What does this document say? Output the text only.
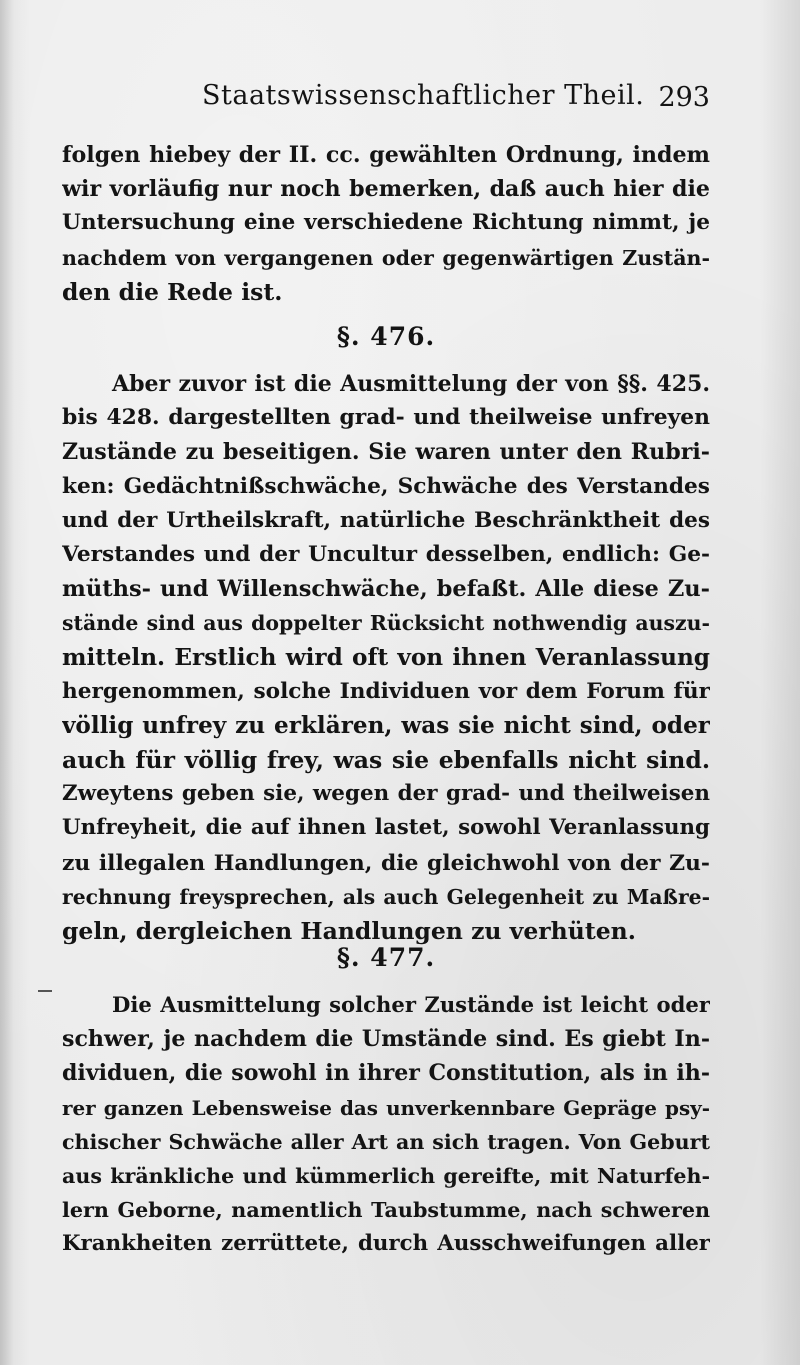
Staatswissenschaftlicher Theil. 293
folgen hiebey der II. cc. gewählten Ordnung, indem
wir vorläufig nur noch bemerken, daß auch hier die
Untersuchung eine verschiedene Richtung nimmt, je
nachdem von vergangenen oder gegenwärtigen Zustän-
den die Rede ist.
§. 476.
Aber zuvor ist die Ausmittelung der von §§. 425.
bis 428. dargestellten grad- und theilweise unfreyen
Zustände zu beseitigen. Sie waren unter den Rubri-
ken: Gedächtnißschwäche, Schwäche des Verstandes
und der Urtheilskraft, natürliche Beschränktheit des
Verstandes und der Uncultur desselben, endlich: Ge-
müths- und Willenschwäche, befaßt. Alle diese Zu-
stände sind aus doppelter Rücksicht nothwendig auszu-
mitteln. Erstlich wird oft von ihnen Veranlassung
hergenommen, solche Individuen vor dem Forum für
völlig unfrey zu erklären, was sie nicht sind, oder
auch für völlig frey, was sie ebenfalls nicht sind.
Zweytens geben sie, wegen der grad- und theilweisen
Unfreyheit, die auf ihnen lastet, sowohl Veranlassung
zu illegalen Handlungen, die gleichwohl von der Zu-
rechnung freysprechen, als auch Gelegenheit zu Maßre-
geln, dergleichen Handlungen zu verhüten.
§. 477.
Die Ausmittelung solcher Zustände ist leicht oder
schwer, je nachdem die Umstände sind. Es giebt In-
dividuen, die sowohl in ihrer Constitution, als in ih-
rer ganzen Lebensweise das unverkennbare Gepräge psy-
chischer Schwäche aller Art an sich tragen. Von Geburt
aus kränkliche und kümmerlich gereifte, mit Naturfeh-
lern Geborne, namentlich Taubstumme, nach schweren
Krankheiten zerrüttete, durch Ausschweifungen aller
